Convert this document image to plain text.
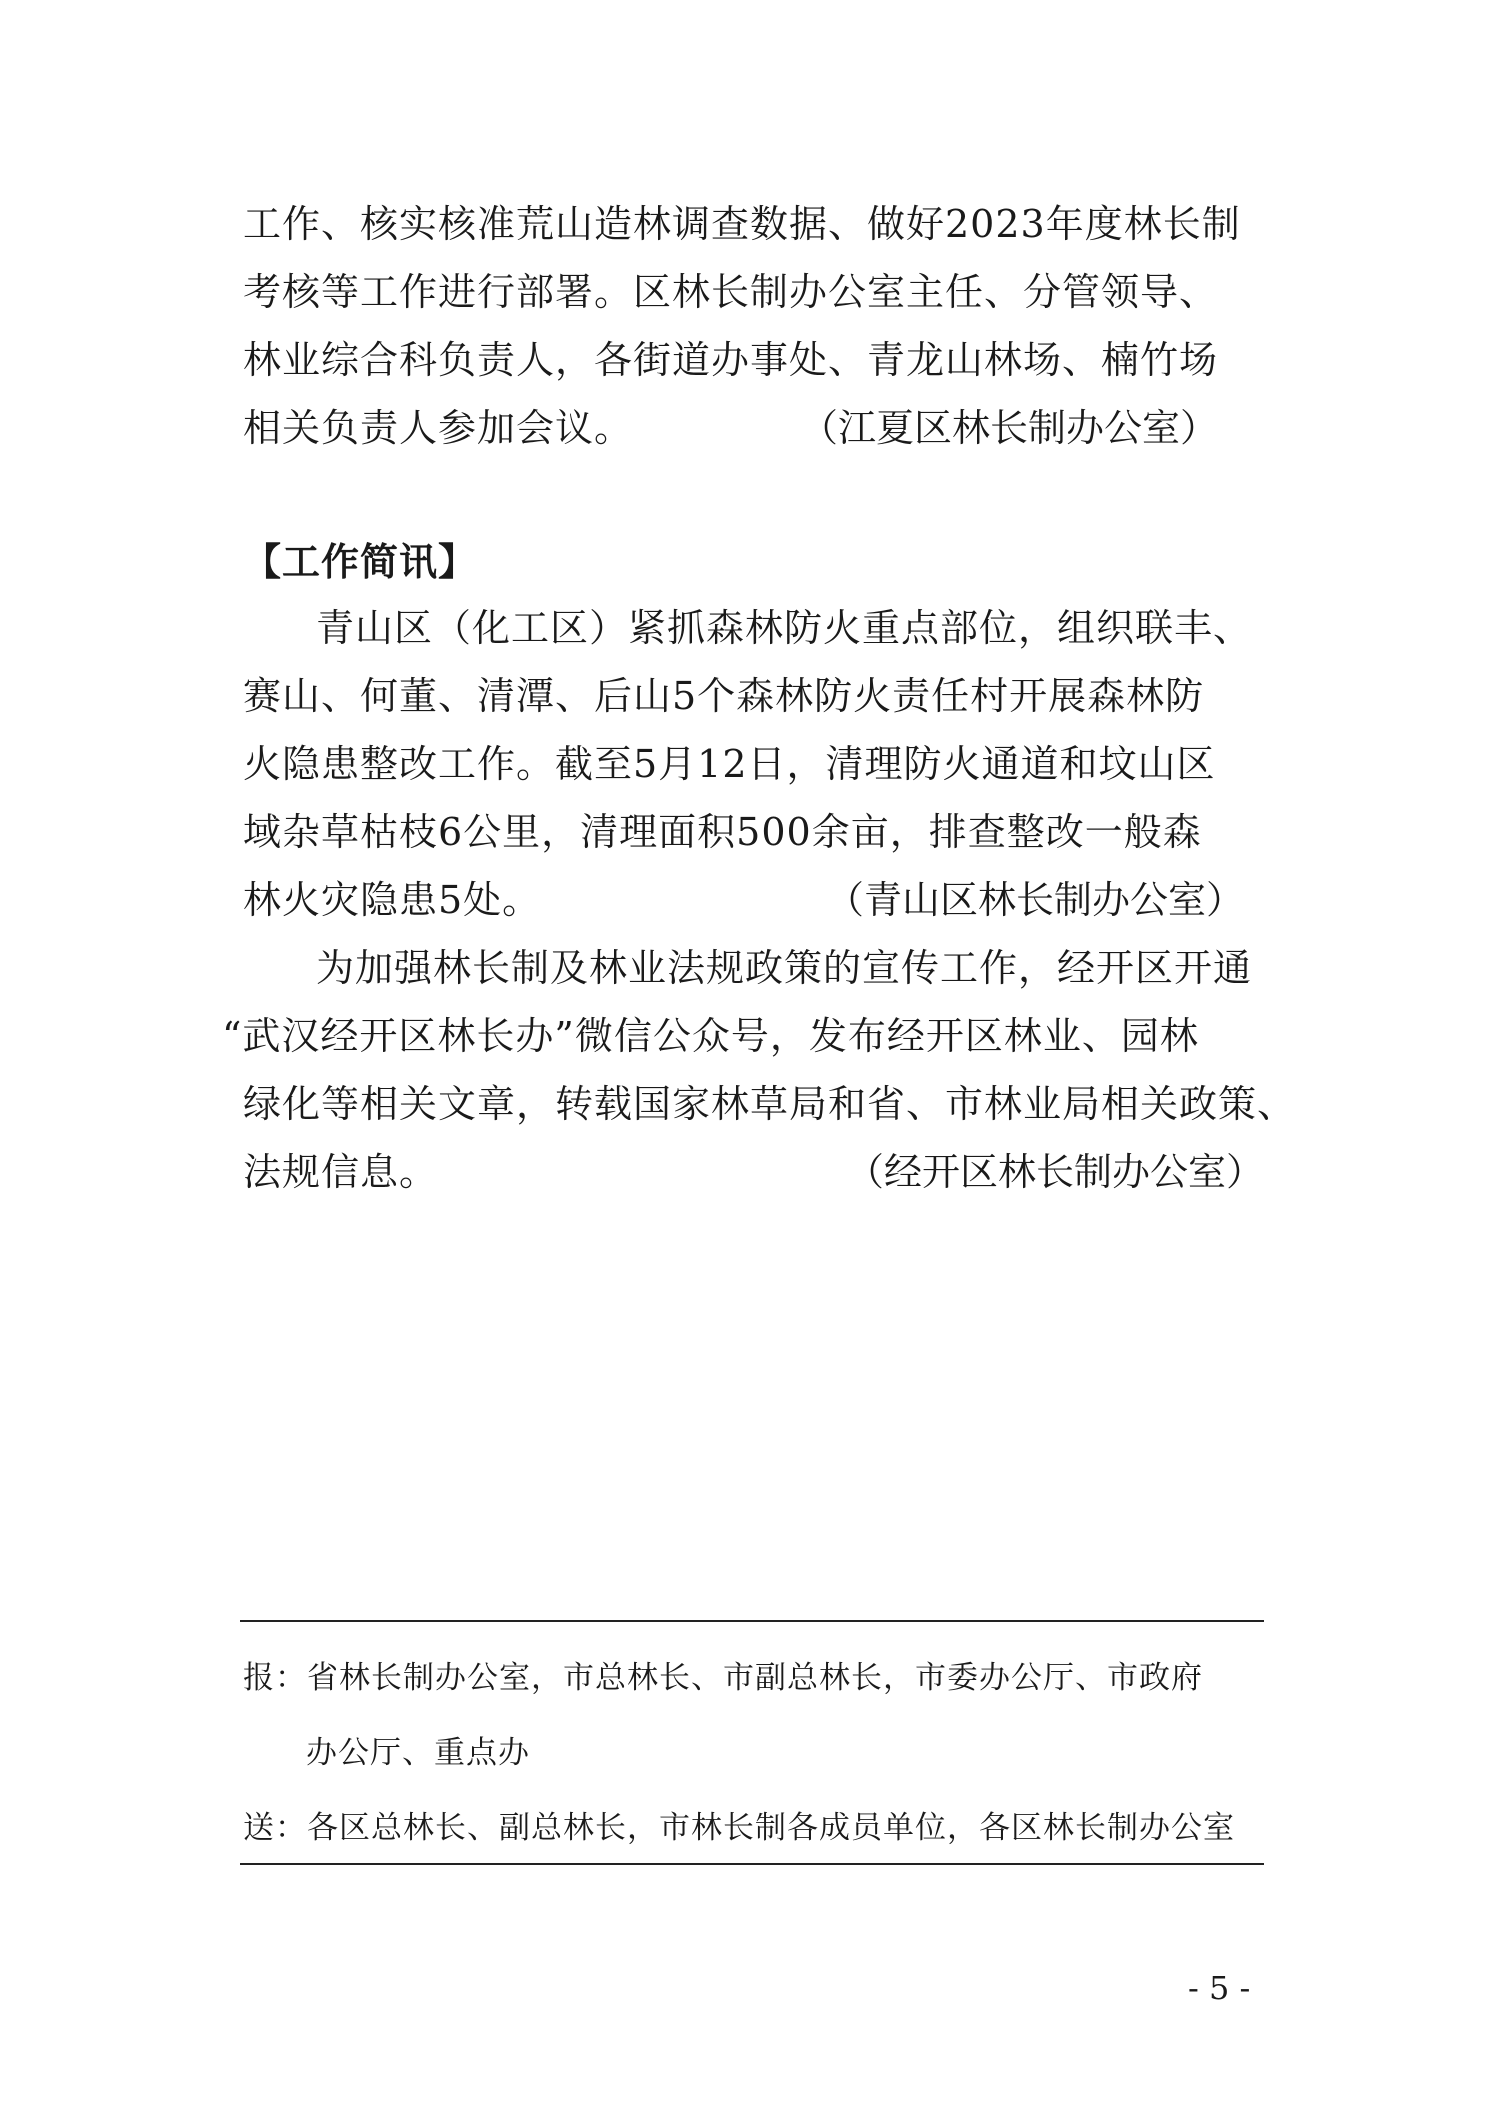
工作、核实核准荒山造林调查数据、做好2023年度林长制
考核等工作进行部署。区林长制办公室主任、分管领导、
林业综合科负责人，各街道办事处、青龙山林场、楠竹场
相关负责人参加会议。	（江夏区林长制办公室）
【工作简讯】
青山区（化工区）紧抓森林防火重点部位，组织联丰、
赛山、何董、清潭、后山5个森林防火责任村开展森林防
火隐患整改工作。截至5月12日，清理防火通道和坟山区
域杂草枯枝6公里，清理面积500余亩，排查整改一般森
林火灾隐患5处。	（青山区林长制办公室）
为加强林长制及林业法规政策的宣传工作，经开区开通
“武汉经开区林长办”微信公众号，发布经开区林业、园林
绿化等相关文章，转载国家林草局和省、市林业局相关政策、
法规信息。	（经开区林长制办公室）
报：省林长制办公室，市总林长、市副总林长，市委办公厅、市政府
办公厅、重点办
送：各区总林长、副总林长，市林长制各成员单位，各区林长制办公室
- 5 -
